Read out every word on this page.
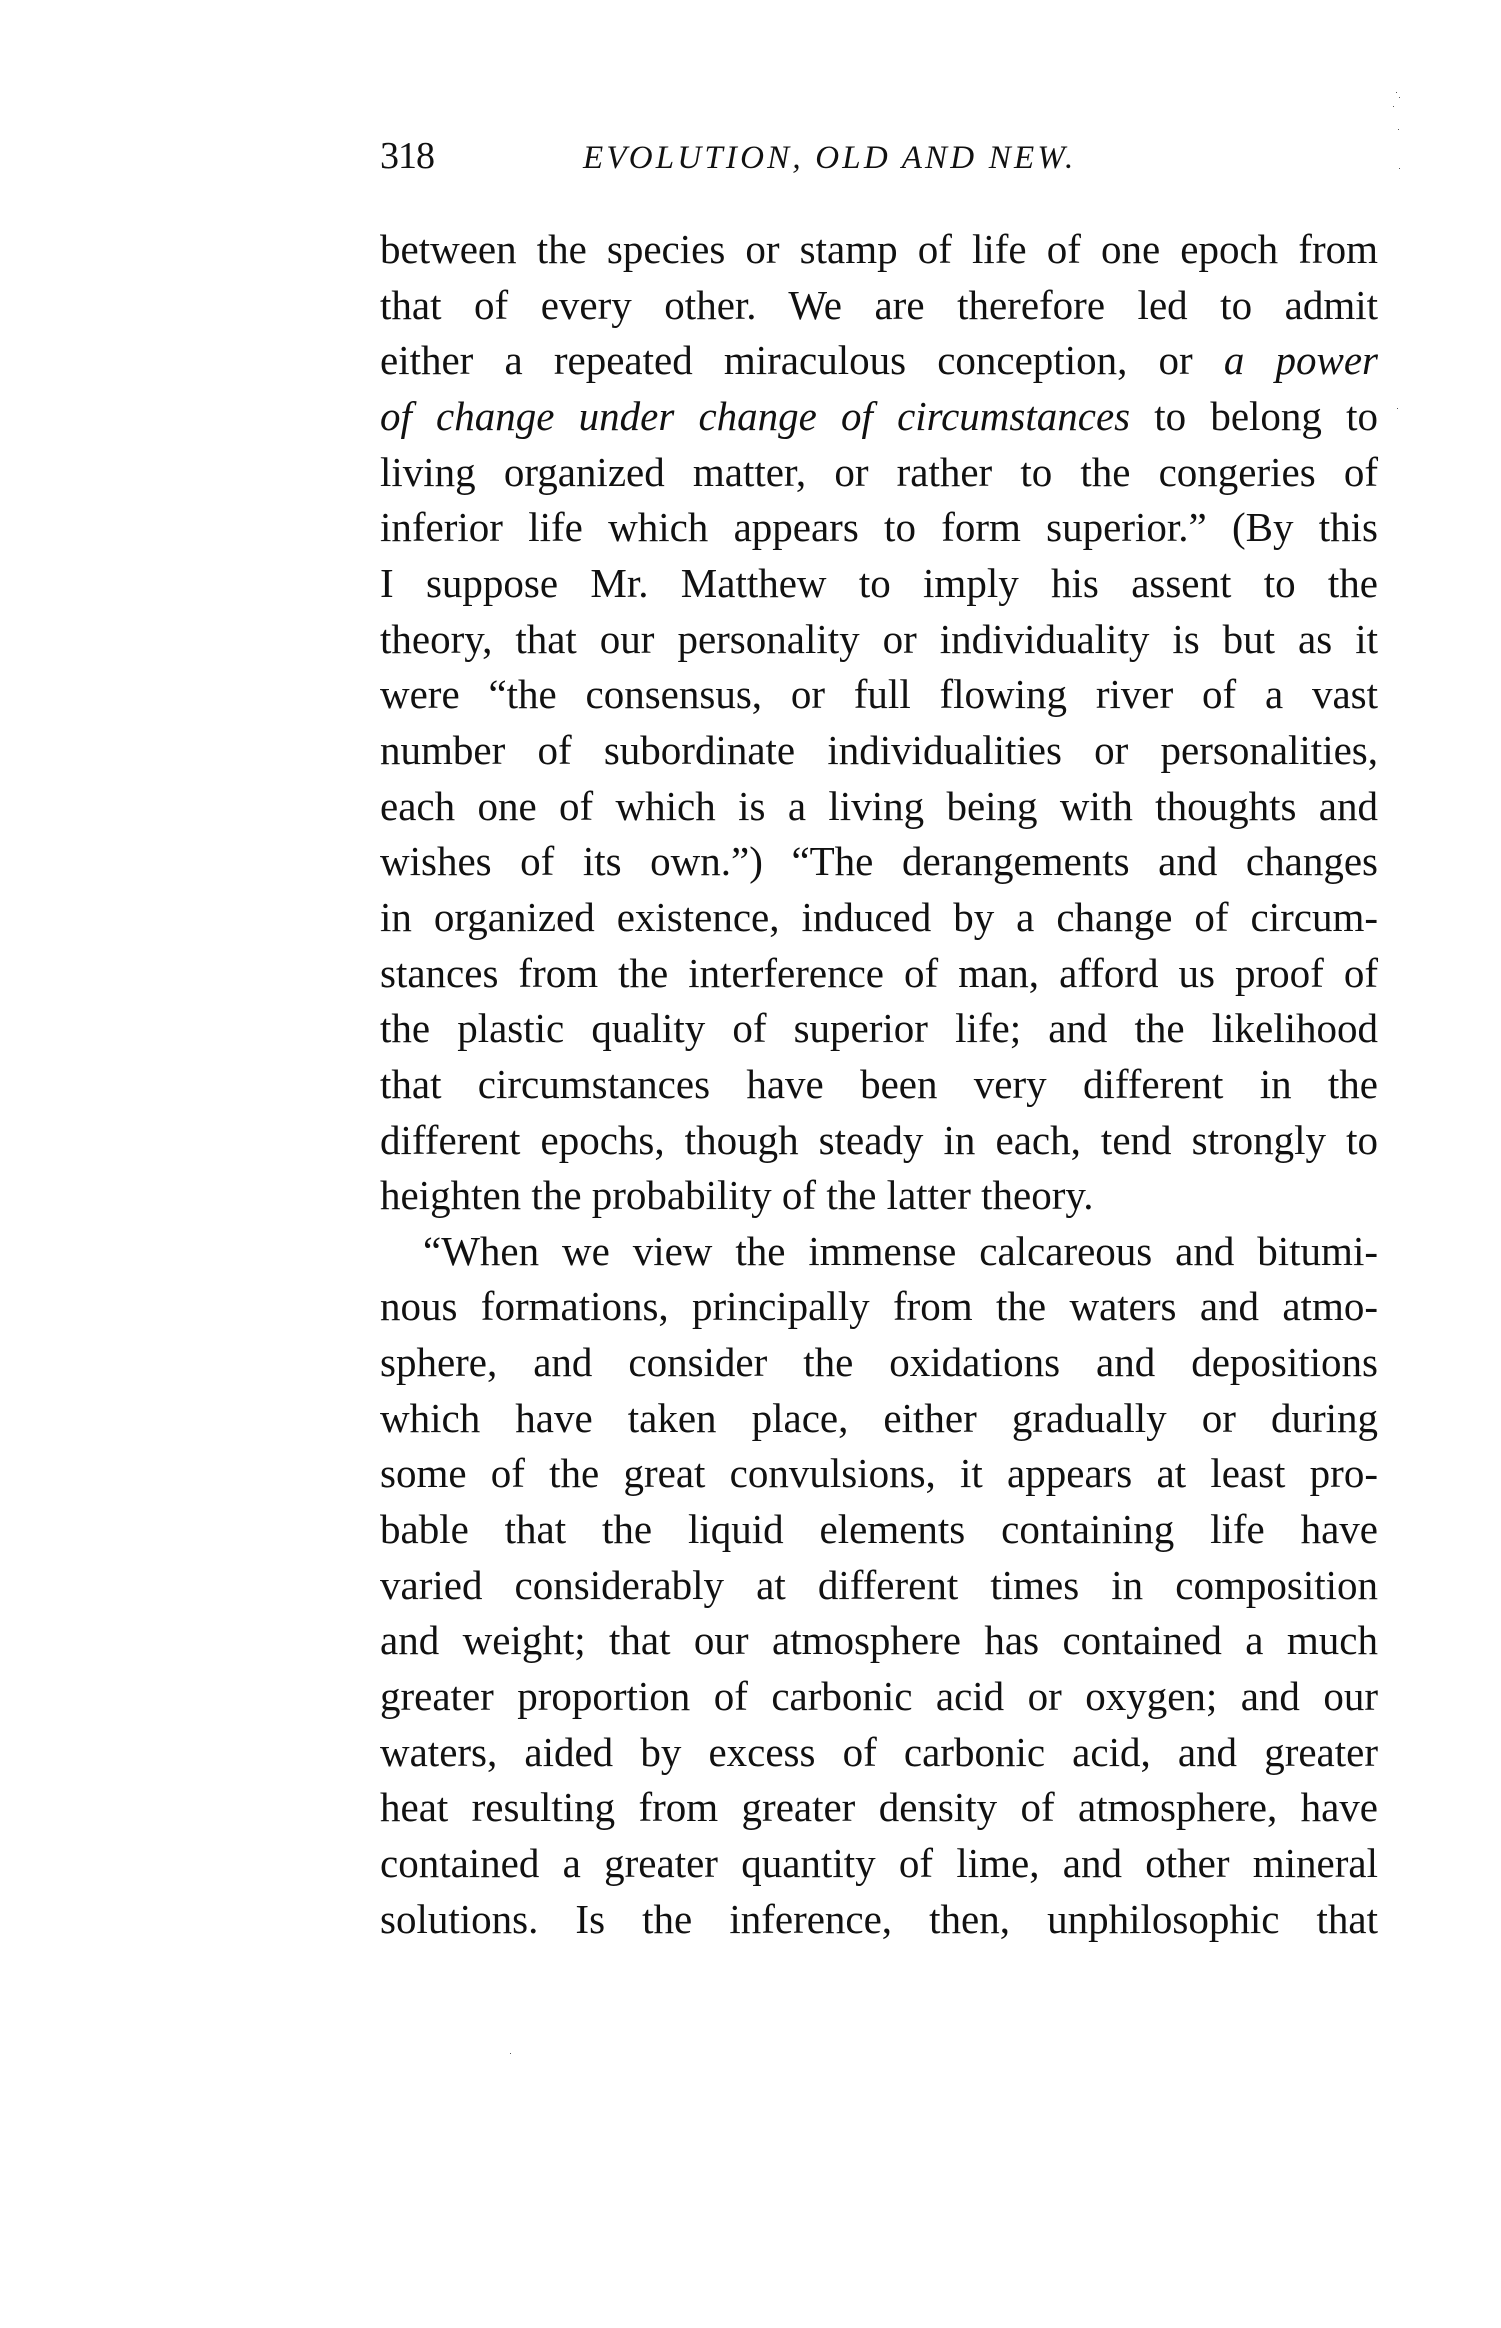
318	EVOLUTION, OLD AND NEW.
between the species or stamp of life of one epoch from
that of every other. We are therefore led to admit
either a repeated miraculous conception, or a power
of change under change of circumstances to belong to
living organized matter, or rather to the congeries of
inferior life which appears to form superior.” (By this
I suppose Mr. Matthew to imply his assent to the
theory, that our personality or individuality is but as it
were “the consensus, or full flowing river of a vast
number of subordinate individualities or personalities,
each one of which is a living being with thoughts and
wishes of its own.”) “The derangements and changes
in organized existence, induced by a change of circum-
stances from the interference of man, afford us proof of
the plastic quality of superior life; and the likelihood
that circumstances have been very different in the
different epochs, though steady in each, tend strongly to
heighten the probability of the latter theory.
“When we view the immense calcareous and bitumi-
nous formations, principally from the waters and atmo-
sphere, and consider the oxidations and depositions
which have taken place, either gradually or during
some of the great convulsions, it appears at least pro-
bable that the liquid elements containing life have
varied considerably at different times in composition
and weight; that our atmosphere has contained a much
greater proportion of carbonic acid or oxygen; and our
waters, aided by excess of carbonic acid, and greater
heat resulting from greater density of atmosphere, have
contained a greater quantity of lime, and other mineral
solutions. Is the inference, then, unphilosophic that
